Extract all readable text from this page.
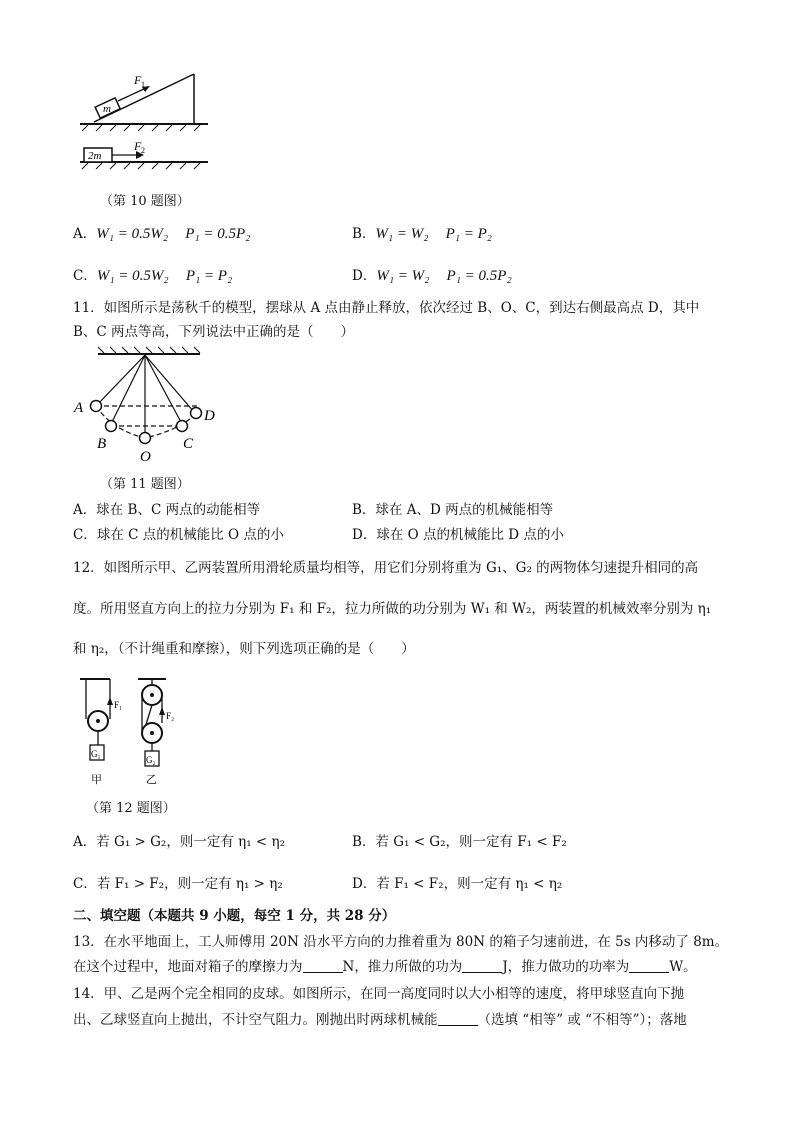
m
F 1
2m
F 2
（第 10 题图）
A．W₁ = 0.5W₂ P₁ = 0.5P₂	B．W₁ = W₂ P₁ = P₂
C．W₁ = 0.5W₂ P₁ = P₂	D．W₁ = W₂ P₁ = 0.5P₂
11．如图所示是荡秋千的模型，摆球从 A 点由静止释放，依次经过 B、O、C，到达右侧最高点 D，其中
B、C 两点等高，下列说法中正确的是（　　）
A
B
O
C
D
（第 11 题图）
A．球在 B、C 两点的动能相等	B．球在 A、D 两点的机械能相等
C．球在 C 点的机械能比 O 点的小	D．球在 O 点的机械能比 D 点的小
12．如图所示甲、乙两装置所用滑轮质量均相等，用它们分别将重为 G₁、G₂ 的两物体匀速提升相同的高
度。所用竖直方向上的拉力分别为 F₁ 和 F₂，拉力所做的功分别为 W₁ 和 W₂，两装置的机械效率分别为 η₁
和 η₂，（不计绳重和摩擦），则下列选项正确的是（　　）
G₁
F₁
甲
G₂
F₂
乙
（第 12 题图）
A．若 G₁ > G₂，则一定有 η₁ < η₂	B．若 G₁ < G₂，则一定有 F₁ < F₂
C．若 F₁ > F₂，则一定有 η₁ > η₂	D．若 F₁ < F₂，则一定有 η₁ < η₂
二、填空题（本题共 9 小题，每空 1 分，共 28 分）
13．在水平地面上，工人师傅用 20N 沿水平方向的力推着重为 80N 的箱子匀速前进，在 5s 内移动了 8m。
在这个过程中，地面对箱子的摩擦力为	N，推力所做的功为	J，推力做功的功率为	W。
14．甲、乙是两个完全相同的皮球。如图所示，在同一高度同时以大小相等的速度，将甲球竖直向下抛
出、乙球竖直向上抛出，不计空气阻力。刚抛出时两球机械能	（选填 “相等” 或 “不相等”）；落地
